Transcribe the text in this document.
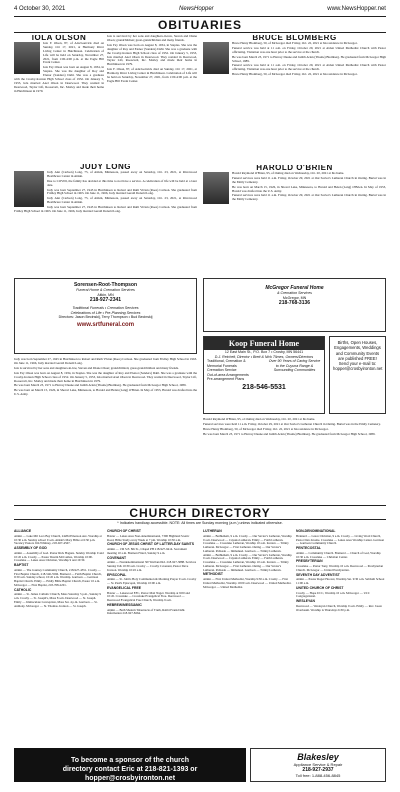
4 October 30, 2021	NewsHopper	www.NewsHopper.net
OBITUARIES
IOLA OLSON

Iola F. Olson, 87, of Ada/Gonvick died on Sunday, Oct 17, 2021, at Harmony River Living Center in Hutchinson. Celebration of Life will be held on Saturday, November 27, 2021, from 1:00-4:00 p.m. at the Eagle Hill Event Center.

Iola Fay Olson was born on August 8, 1934, in Staples. She was the daughter of Roy and Elenor (Sanders) Dahl. She was a graduate with the Crosby-Ironton High School class of 1952. On January 5, 1953, Iola married Axel Olson in Deerwood. They resided in Deerwood, Taylor Lift, Roosevelt, Inc. Motley and made their home in Hutchinson in 1979.

Iola is survived by her sons and daughters-in-law, Steven and Diane Olson; grandchildren; great-grandchildren and many friends.

Iola Fay Olson was born on August 8, 1934, in Staples. She was the daughter of Roy and Elenor (Sanders) Dahl. She was a graduate with the Crosby-Ironton High School class of 1952. On January 5, 1953, Iola married Axel Olson in Deerwood. They resided in Deerwood, Taylor Lift, Roosevelt, Inc. Motley and made their home in Hutchinson in 1979.

Iola F. Olson, 87, of Ada/Gonvick died on Sunday, Oct 17, 2021, at Harmony River Living Center in Hutchinson. Celebration of Life will be held on Saturday, November 27, 2021, from 1:00-4:00 p.m. at the Eagle Hill Event Center.

JUDY LONG

Judy Ann (Carlson) Long, 75, of Aitkin, Minnesota, passed away on Saturday, Oct. 23, 2021, at Riverwood Healthcare Center in Aitkin.

Due to COVID, the family has decided at this time to not have a service. A celebration of life will be held at a later date.

Judy was born September 27, 1945 in Hutchinson to Robert and Ruth Vivian (Roos) Carlson. She graduated from Fridley High School in 1963. On June 11, 1966, Judy married Gerald Donald Long.

Judy Ann (Carlson) Long, 75, of Aitkin, Minnesota, passed away on Saturday, Oct. 23, 2021, at Riverwood Healthcare Center in Aitkin.

Judy was born September 27, 1945 in Hutchinson to Robert and Ruth Vivian (Roos) Carlson. She graduated from Fridley High School in 1963. On June 11, 1966, Judy married Gerald Donald Long.

BRUCE BLOMBERG

Bruce Henry Blomberg, 50, of McGregor died Friday, Oct. 22, 2021 at his residence in McGregor.

Funeral service was held at 11 a.m. on Friday, October 29, 2021 at Alden United Methodist Church with Pastor officiating. Visitation was one hour prior to the service at the church.

He was born March 23, 1971 to Harvey Duane and Judith Arlen (Thome) Blomberg. He graduated from McGregor High School, 1989.

Funeral service was held at 11 a.m. on Friday, October 29, 2021 at Alden United Methodist Church with Pastor officiating. Visitation was one hour prior to the service at the church.

Bruce Henry Blomberg, 50, of McGregor died Friday, Oct. 22, 2021 at his residence in McGregor.

HAROLD O'BRIEN

Harold Raymond O'Brien, 95, of Outing died on Wednesday, Oct. 20, 2021 at his home.

Funeral services were held 11 a.m. Friday, October 29, 2021 at Our Savior's Lutheran Church in Outing. Burial was in the Emily Cemetery.

He was born on March 15, 1926, in Shovel Lake, Minnesota, to Harold and Helen (Lang) O'Brien. In May of 1953, Harold was drafted into the U.S. Army.

Funeral services were held 11 a.m. Friday, October 29, 2021 at Our Savior's Lutheran Church in Outing. Burial was in the Emily Cemetery.

Sorensen-Root-Thompson
Funeral Home & Cremation Services
Aitkin, MN
218-927-2341
Traditional Funerals • Cremation Services
Celebrations of Life • Pre-Planning Services
Directors: Jason Becinskij, Terry Thompson • Bud Becinskij
www.srtfuneral.com
McGregor Funeral Home
& Cremation Services
McGregor, MN
218-768-3136

Judy was born September 27, 1945 in Hutchinson to Robert and Ruth Vivian (Roos) Carlson. She graduated from Fridley High School in 1963. On June 11, 1966, Judy married Gerald Donald Long.

Iola is survived by her sons and daughters-in-law, Steven and Diane Olson; grandchildren; great-grandchildren and many friends.

Iola Fay Olson was born on August 8, 1934, in Staples. She was the daughter of Roy and Elenor (Sanders) Dahl. She was a graduate with the Crosby-Ironton High School class of 1952. On January 5, 1953, Iola married Axel Olson in Deerwood. They resided in Deerwood, Taylor Lift, Roosevelt, Inc. Motley and made their home in Hutchinson in 1979.

He was born March 23, 1971 to Harvey Duane and Judith Arlen (Thome) Blomberg. He graduated from McGregor High School, 1989.

He was born on March 15, 1926, in Shovel Lake, Minnesota, to Harold and Helen (Lang) O'Brien. In May of 1953, Harold was drafted into the U.S. Army.

Koop Funeral Home
12 East Main St., P.O. Box 7 • Crosby, MN 56441
D.J. Reichelt, Director • Brett & Nick Tilmes, Owners/Directors
Traditional, Cremation &
Memorial Funerals
Cremation Service
Out-of-area Arrangements
Pre-arrangement Plans
Over 90 Years of Caring Service to the Cuyuna Range & Surrounding Communities
218-546-5531
Births, Open Houses, Engagements, Weddings and Community Events are published FREE! Send your e-mail to: hopper@crosbyironton.net

Harold Raymond O'Brien, 95, of Outing died on Wednesday, Oct. 20, 2021 at his home.

Funeral services were held 11 a.m. Friday, October 29, 2021 at Our Savior's Lutheran Church in Outing. Burial was in the Emily Cemetery.

Bruce Henry Blomberg, 50, of McGregor died Friday, Oct. 22, 2021 at his residence in McGregor.

He was born March 23, 1971 to Harvey Duane and Judith Arlen (Thome) Blomberg. He graduated from McGregor High School, 1989.

CHURCH DIRECTORY
* Indicates handicap accessible. NOTE: All times are Sunday morning (a.m.) unless indicated otherwise.
ALLIANCE
Aitkin — Lake Mil Lacs Bay Church, 24284 Emerson Ave. Worship at 10:30 a.m. Sunday school 9 a.m. Aitkin's Mary Bible at 6:30 p.m. Vacancy Pastors Jim Whitney, 218-927-4567.
ASSEMBLY OF GOD
Aitkin — Assembly of God. Pastor Rick Hagans. Sunday Worship 9 and 10:45 a.m. Crosby — Pastor Dustin McCanbes, Worship 10:00. Crosslake — Lakes Area Christian, Worship 9 and 10:30.
BAPTIST
Aitkin — The Journey Community Church, 218-927-4551. Crosby — First Baptist Church, 218-546-5566. Brainerd — Faith Baptist Church, 9:30 a.m. Sunday school, 10:45 a.m. Worship. Garrison — Garrison Baptist Church. Emily — Emily Bible Baptist Church, Pastor 10 a.m. McGregor — First Baptist, 218-768-2201.
CATHOLIC
Aitkin — St. James Catholic Church, Mass Saturday 5 p.m., Sunday 9 a.m. Crosby — St. Joseph's, Mass 8 a.m. Deerwood — St. Joseph. Emily — Immaculate Conception, Mass Sat. 4 p.m. Garrison — St. Anthony. McGregor — St. Thomas. Ironton — St. Joseph.
CHURCH OF CHRIST
Baxter — Lakes Area Non-denominational, 7390 Highland Scenic Road, Bible Study every Week at 7 pm. Worship 10:30 a.m.
CHURCH OF JESUS CHRIST OF LATTER-DAY SAINTS
Aitkin — 136 S.E. 8th St., Chapel PH 218-927-9414. Sacrament meeting 10 a.m. Brainerd Ward, Sunday 9 a.m.
COVENANT
Aitkin — Nondenominational 307 Kirtland Rd. 218-927-3888. Services Sunday 9 & 10:30 a.m. Crosby — Crosby Covenant, Pastor Dave Iverson. Worship 10:45 a.m.
EPISCOPAL
Aitkin — St. John's Holy Communion & Morning Prayer 9 a.m. Crosby — St. Paul's Episcopal, Worship 10:00 a.m.
EVANGELICAL FREE
Baxter — Lakewood EFC, Pastor Matt Nagel. Worship at 9:00 and 10:45. Crosslake — Crosslake Evangelical Free. Deerwood — Deerwood Evangelical Free Church, Worship 9 a.m.
HEBREW/MESSIANIC
Aitkin — Beth Shalom Tabernacle of Truth, Rabbi Frank Dahl. Information 218-927-8264.
LUTHERAN
Aitkin — Bethlehem, 9 a.m. Crosby — Our Savior's Lutheran, Worship 9 a.m. Deerwood — Cuyuna Lutheran. Emily — Faith Lutheran. Crosslake — Crosslake Lutheran, Worship 10 a.m. Ironton — Trinity Lutheran. McGregor — First Lutheran. Outing — Our Savior's Lutheran. Palisade — Immanuel. Garrison — Trinity Lutheran.
Aitkin — Bethlehem, 9 a.m. Crosby — Our Savior's Lutheran, Worship 9 a.m. Deerwood — Cuyuna Lutheran. Emily — Faith Lutheran. Crosslake — Crosslake Lutheran, Worship 10 a.m. Ironton — Trinity Lutheran. McGregor — First Lutheran. Outing — Our Savior's Lutheran. Palisade — Immanuel. Garrison — Trinity Lutheran.
METHODIST
Aitkin — First United Methodist, Worship 9:30 a.m. Crosby — First United Methodist, Worship 10:00 a.m. Deerwood — United Methodist. McGregor — United Methodist.
NON-DENOMINATIONAL
Brainerd — Grace Christian, 9 a.m. Crosby — Living Word Church, Pastor Dan Jerome. Crosslake — Lakes Area Worship Center. Garrison — Garrison Community Church.
PENTECOSTAL
Aitkin — Community Church. Brainerd — Church of God, Worship 10:30 a.m. Crosslake — Christian Center.
PRESBYTERIAN
Crosslake — Pastor Tony, Worship 10 a.m. Deerwood — Presbyterian Church. McGregor — United Presbyterian.
SEVENTH DAY ADVENTIST
Aitkin — Pastor Roger Hoover, Worship Sat. 9:30 a.m. Sabbath School 11:00 a.m.
UNITED CHURCH OF CHRIST
Crosby — Hope UCC, Worship 10 a.m. McGregor — UCC Congregational.
WESLEYAN
Deerwood — Wesleyan Church, Worship 9 a.m. Emily — Rev. Jason Overbaum. Worship is Thursdays 6:30 p.m.
To become a sponsor of the church
directory contact Eric at 218-821-1393 or
hopper@crosbyironton.net
Blakesley
Appliance Service & Repair
218-927-2937
Toll free: 1-888-456-8845
